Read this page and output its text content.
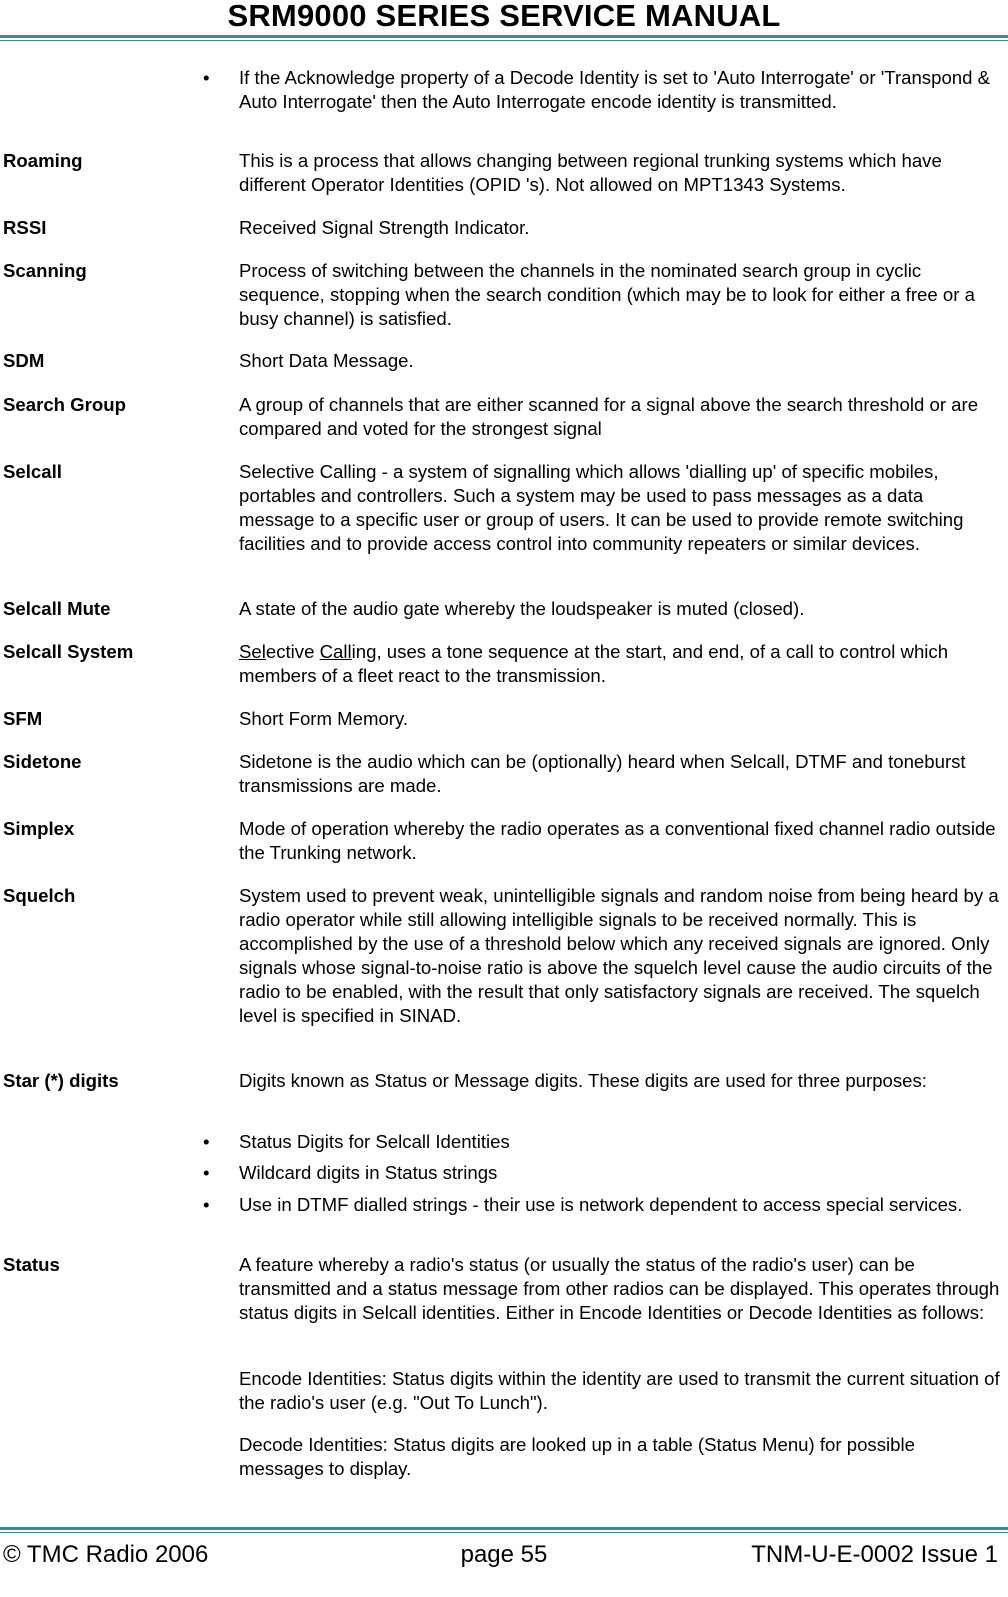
SRM9000 SERIES SERVICE MANUAL
• If the Acknowledge property of a Decode Identity is set to 'Auto Interrogate' or 'Transpond & Auto Interrogate' then the Auto Interrogate encode identity is transmitted.
Roaming	This is a process that allows changing between regional trunking systems which have different Operator Identities (OPID 's). Not allowed on MPT1343 Systems.
RSSI	Received Signal Strength Indicator.
Scanning	Process of switching between the channels in the nominated search group in cyclic sequence, stopping when the search condition (which may be to look for either a free or a busy channel) is satisfied.
SDM	Short Data Message.
Search Group	A group of channels that are either scanned for a signal above the search threshold or are compared and voted for the strongest signal
Selcall	Selective Calling - a system of signalling which allows 'dialling up' of specific mobiles, portables and controllers. Such a system may be used to pass messages as a data message to a specific user or group of users. It can be used to provide remote switching facilities and to provide access control into community repeaters or similar devices.
Selcall Mute	A state of the audio gate whereby the loudspeaker is muted (closed).
Selcall System	Selective Calling, uses a tone sequence at the start, and end, of a call to control which members of a fleet react to the transmission.
SFM	Short Form Memory.
Sidetone	Sidetone is the audio which can be (optionally) heard when Selcall, DTMF and toneburst transmissions are made.
Simplex	Mode of operation whereby the radio operates as a conventional fixed channel radio outside the Trunking network.
Squelch	System used to prevent weak, unintelligible signals and random noise from being heard by a radio operator while still allowing intelligible signals to be received normally. This is accomplished by the use of a threshold below which any received signals are ignored. Only signals whose signal-to-noise ratio is above the squelch level cause the audio circuits of the radio to be enabled, with the result that only satisfactory signals are received. The squelch level is specified in SINAD.
Star (*) digits	Digits known as Status or Message digits. These digits are used for three purposes:
• Status Digits for Selcall Identities
• Wildcard digits in Status strings
• Use in DTMF dialled strings - their use is network dependent to access special services.
Status	A feature whereby a radio's status (or usually the status of the radio's user) can be transmitted and a status message from other radios can be displayed. This operates through status digits in Selcall identities. Either in Encode Identities or Decode Identities as follows:
Encode Identities: Status digits within the identity are used to transmit the current situation of the radio's user (e.g. "Out To Lunch").
Decode Identities: Status digits are looked up in a table (Status Menu) for possible messages to display.
© TMC Radio 2006	page 55	TNM-U-E-0002 Issue 1
